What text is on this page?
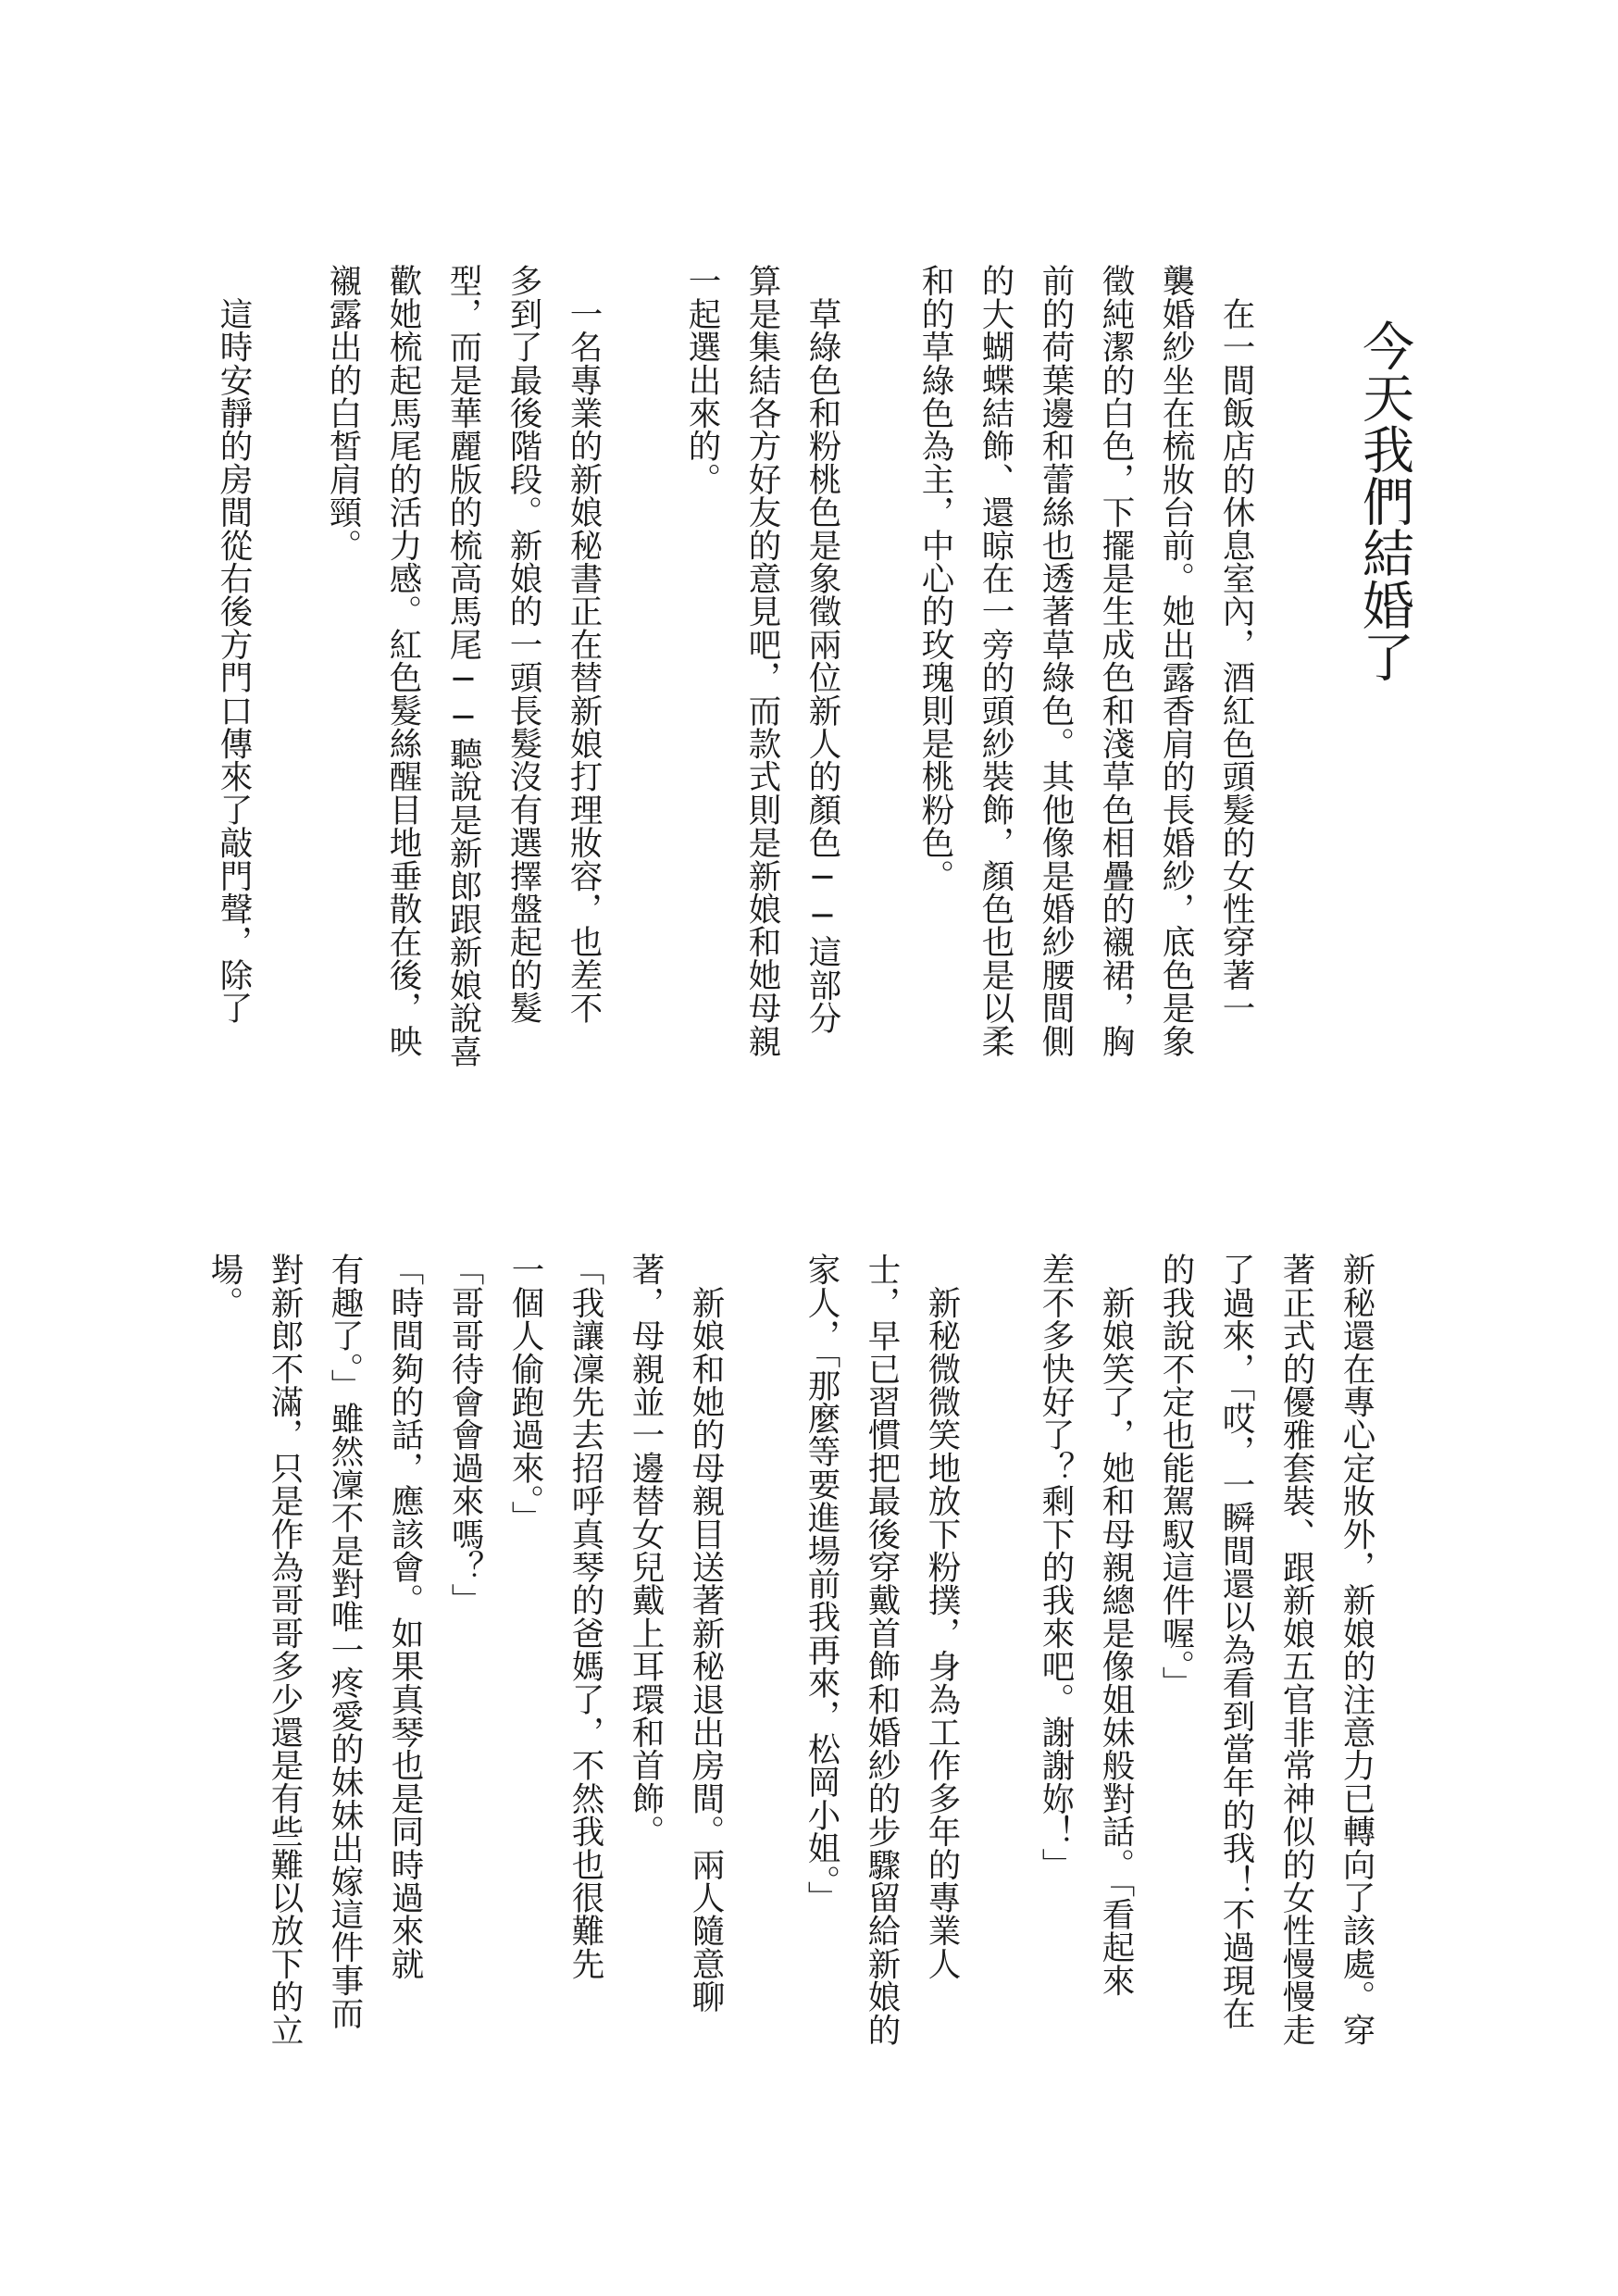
今天我們結婚了
　在一間飯店的休息室內，酒紅色頭髮的女性穿著一
襲婚紗坐在梳妝台前。她出露香肩的長婚紗，底色是象
徵純潔的白色，下擺是生成色和淺草色相疊的襯裙，胸
前的荷葉邊和蕾絲也透著草綠色。其他像是婚紗腰間側
的大蝴蝶結飾、還晾在一旁的頭紗裝飾，顏色也是以柔
和的草綠色為主，中心的玫瑰則是桃粉色。
　草綠色和粉桃色是象徵兩位新人的顏色──這部分
算是集結各方好友的意見吧，而款式則是新娘和她母親
一起選出來的。
　一名專業的新娘秘書正在替新娘打理妝容，也差不
多到了最後階段。新娘的一頭長髮沒有選擇盤起的髮
型，而是華麗版的梳高馬尾──聽說是新郎跟新娘說喜
歡她梳起馬尾的活力感。紅色髮絲醒目地垂散在後，映
襯露出的白皙肩頸。
　這時安靜的房間從右後方門口傳來了敲門聲，除了
新秘還在專心定妝外，新娘的注意力已轉向了該處。穿
著正式的優雅套裝、跟新娘五官非常神似的女性慢慢走
了過來，「哎，一瞬間還以為看到當年的我！不過現在
的我說不定也能駕馭這件喔。」
　新娘笑了，她和母親總是像姐妹般對話。「看起來
差不多快好了？剩下的我來吧。謝謝妳！」
　新秘微微笑地放下粉撲，身為工作多年的專業人
士，早已習慣把最後穿戴首飾和婚紗的步驟留給新娘的
家人，「那麼等要進場前我再來，松岡小姐。」
　新娘和她的母親目送著新秘退出房間。兩人隨意聊
著，母親並一邊替女兒戴上耳環和首飾。
「我讓凜先去招呼真琴的爸媽了，不然我也很難先
一個人偷跑過來。」
「哥哥待會會過來嗎？」
「時間夠的話，應該會。如果真琴也是同時過來就
有趣了。」雖然凜不是對唯一疼愛的妹妹出嫁這件事而
對新郎不滿，只是作為哥哥多少還是有些難以放下的立
場。
